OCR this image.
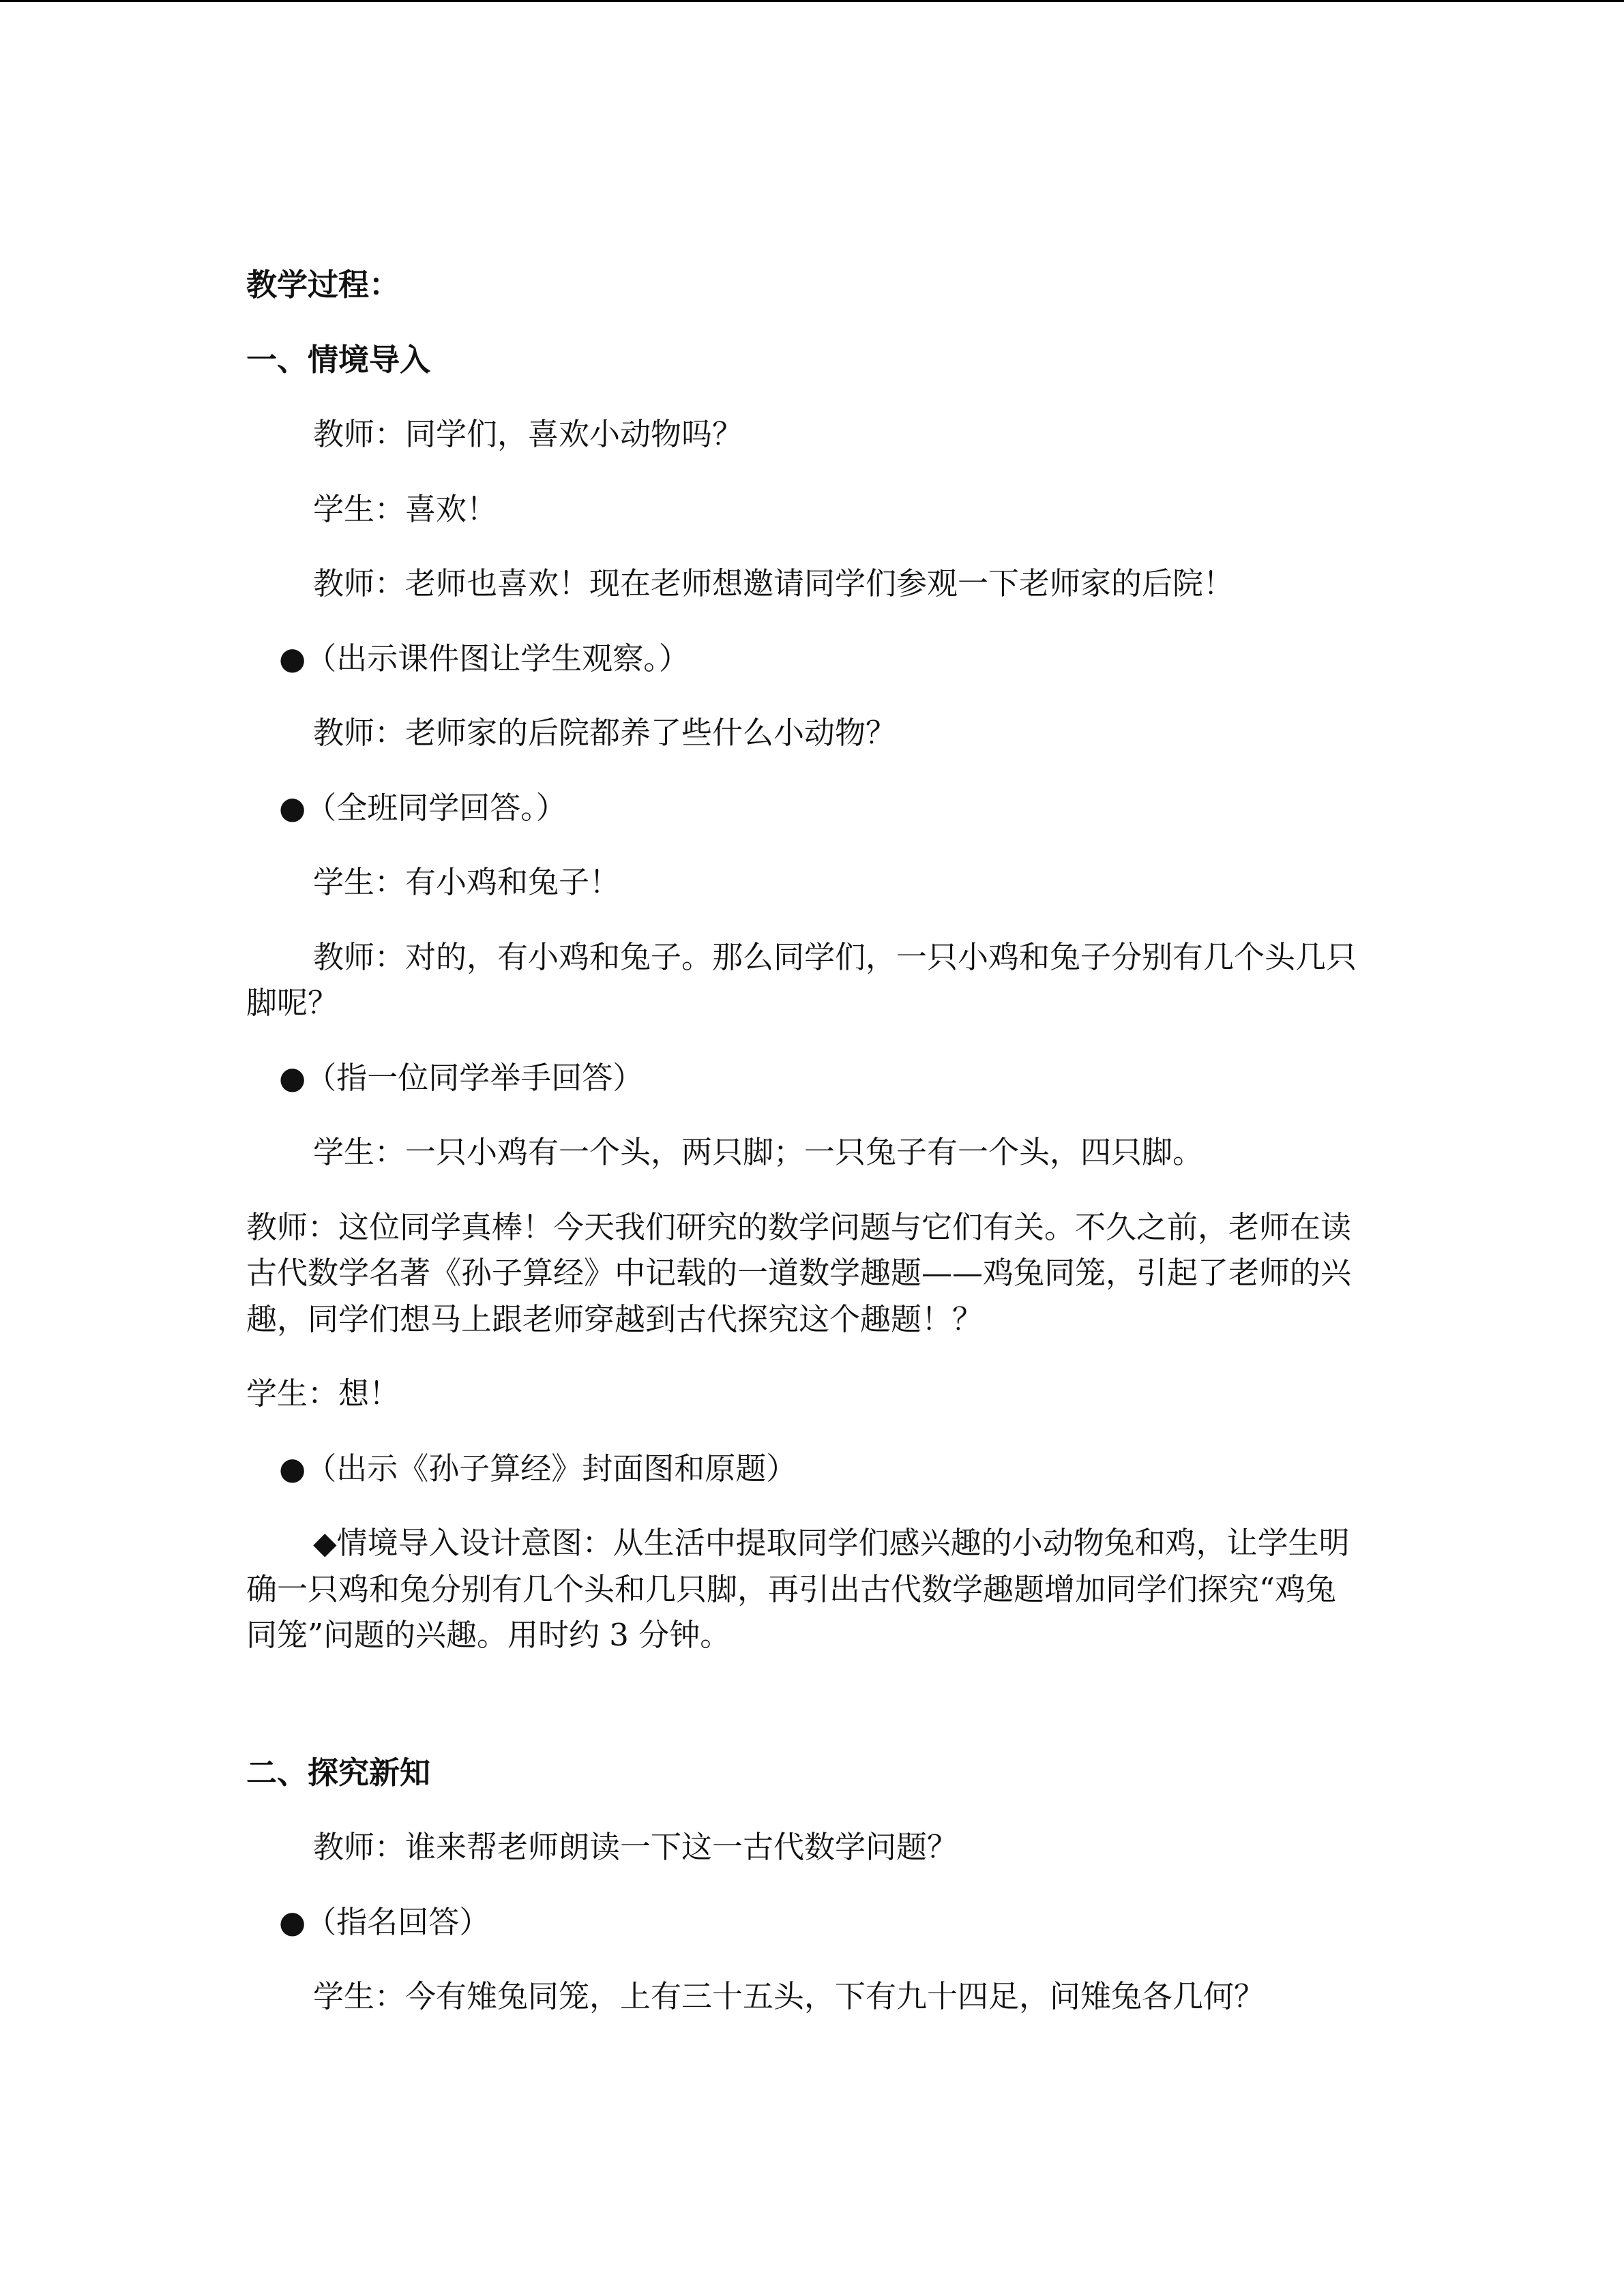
教学过程：

一、情境导入

教师：同学们，喜欢小动物吗？

学生：喜欢！

教师：老师也喜欢！现在老师想邀请同学们参观一下老师家的后院！

●（出示课件图让学生观察。）

教师：老师家的后院都养了些什么小动物？

●（全班同学回答。）

学生：有小鸡和兔子！

教师：对的，有小鸡和兔子。那么同学们，一只小鸡和兔子分别有几个头几只脚呢？

●（指一位同学举手回答）

学生：一只小鸡有一个头，两只脚；一只兔子有一个头，四只脚。

教师：这位同学真棒！今天我们研究的数学问题与它们有关。不久之前，老师在读古代数学名著《孙子算经》中记载的一道数学趣题——鸡兔同笼，引起了老师的兴趣，同学们想马上跟老师穿越到古代探究这个趣题！？

学生：想！

●（出示《孙子算经》封面图和原题）

◆情境导入设计意图：从生活中提取同学们感兴趣的小动物兔和鸡，让学生明确一只鸡和兔分别有几个头和几只脚，再引出古代数学趣题增加同学们探究“鸡兔同笼”问题的兴趣。用时约 3 分钟。

二、探究新知

教师：谁来帮老师朗读一下这一古代数学问题？

●（指名回答）

学生：今有雉兔同笼，上有三十五头，下有九十四足，问雉兔各几何？
